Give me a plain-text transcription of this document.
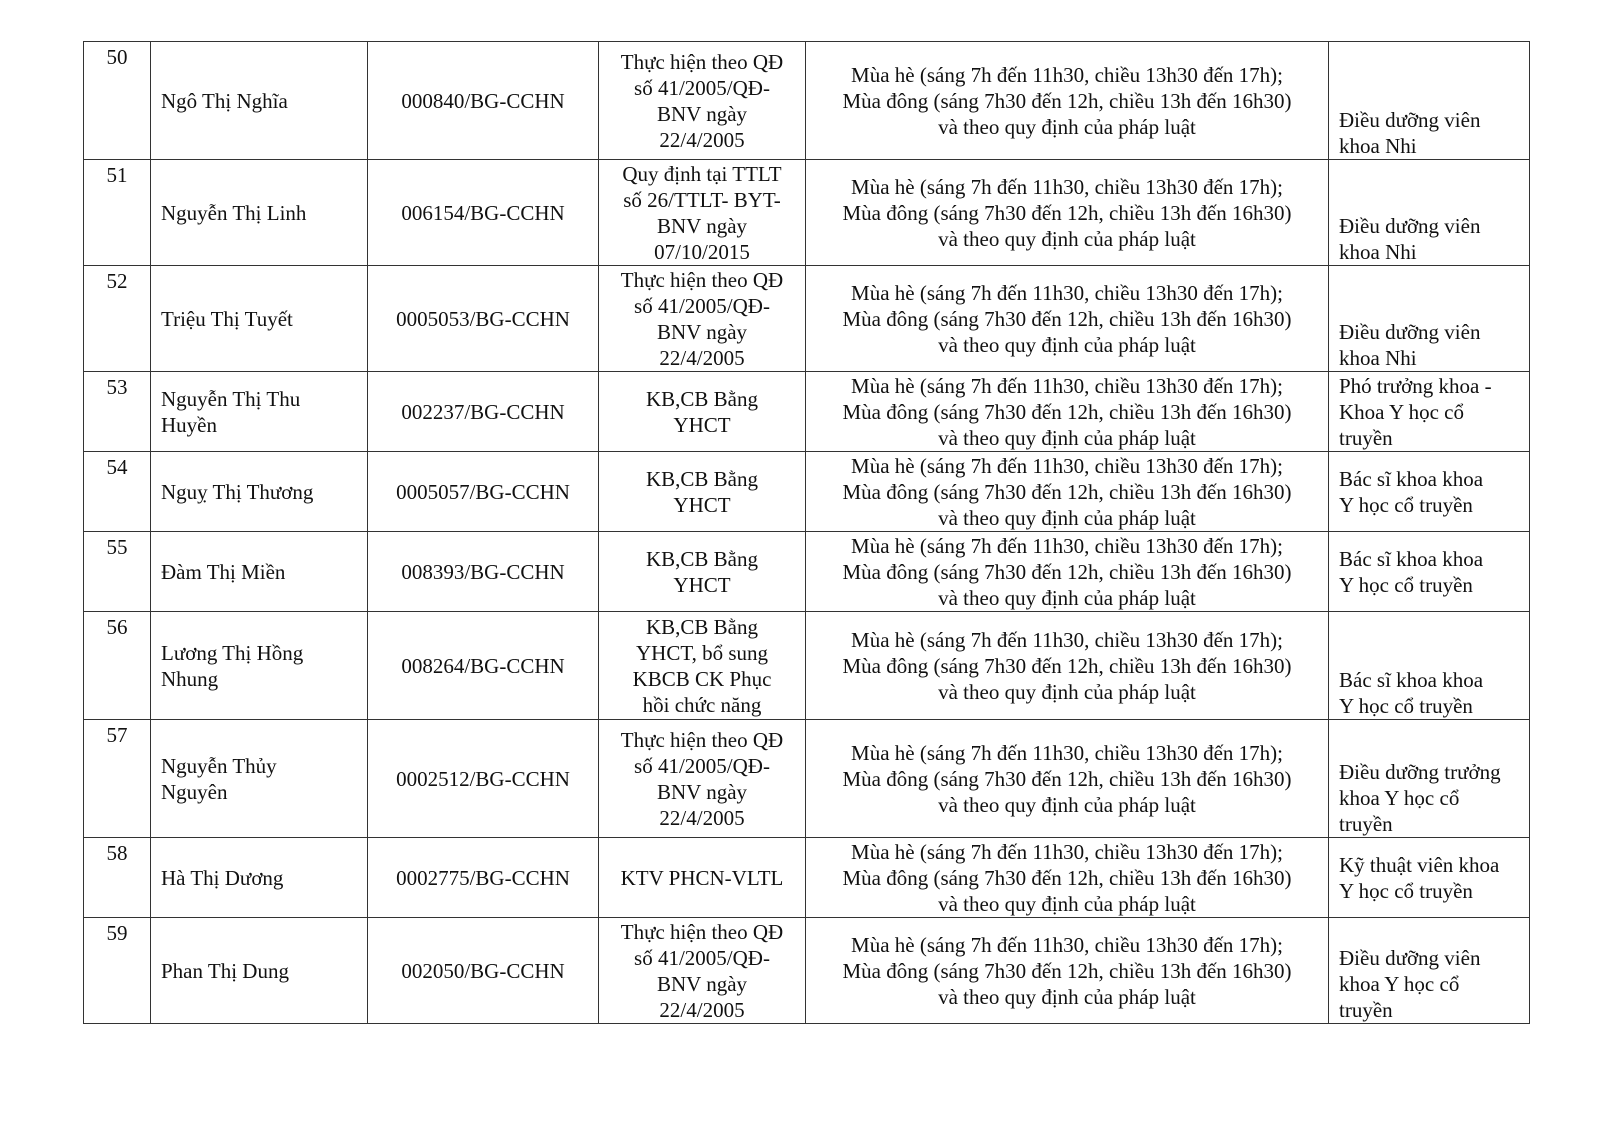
50	Ngô Thị Nghĩa	000840/BG-CCHN	Thực hiện theo QĐ
số 41/2005/QĐ-
BNV ngày
22/4/2005	Mùa hè (sáng 7h đến 11h30, chiều 13h30 đến 17h);
Mùa đông (sáng 7h30 đến 12h, chiều 13h đến 16h30)
và theo quy định của pháp luật	Điều dưỡng viên
khoa Nhi

51	Nguyễn Thị Linh	006154/BG-CCHN	Quy định tại TTLT
số 26/TTLT- BYT-
BNV ngày
07/10/2015	Mùa hè (sáng 7h đến 11h30, chiều 13h30 đến 17h);
Mùa đông (sáng 7h30 đến 12h, chiều 13h đến 16h30)
và theo quy định của pháp luật	Điều dưỡng viên
khoa Nhi

52	Triệu Thị Tuyết	0005053/BG-CCHN	Thực hiện theo QĐ
số 41/2005/QĐ-
BNV ngày
22/4/2005	Mùa hè (sáng 7h đến 11h30, chiều 13h30 đến 17h);
Mùa đông (sáng 7h30 đến 12h, chiều 13h đến 16h30)
và theo quy định của pháp luật	Điều dưỡng viên
khoa Nhi

53	Nguyễn Thị Thu
Huyền	002237/BG-CCHN	KB,CB Bằng
YHCT	Mùa hè (sáng 7h đến 11h30, chiều 13h30 đến 17h);
Mùa đông (sáng 7h30 đến 12h, chiều 13h đến 16h30)
và theo quy định của pháp luật	Phó trưởng khoa -
Khoa Y học cổ
truyền

54	Nguỵ Thị Thương	0005057/BG-CCHN	KB,CB Bằng
YHCT	Mùa hè (sáng 7h đến 11h30, chiều 13h30 đến 17h);
Mùa đông (sáng 7h30 đến 12h, chiều 13h đến 16h30)
và theo quy định của pháp luật	Bác sĩ khoa khoa
Y học cổ truyền

55	Đàm Thị Miền	008393/BG-CCHN	KB,CB Bằng
YHCT	Mùa hè (sáng 7h đến 11h30, chiều 13h30 đến 17h);
Mùa đông (sáng 7h30 đến 12h, chiều 13h đến 16h30)
và theo quy định của pháp luật	Bác sĩ khoa khoa
Y học cổ truyền

56	Lương Thị Hồng
Nhung	008264/BG-CCHN	KB,CB Bằng
YHCT, bổ sung
KBCB CK Phục
hồi chức năng	Mùa hè (sáng 7h đến 11h30, chiều 13h30 đến 17h);
Mùa đông (sáng 7h30 đến 12h, chiều 13h đến 16h30)
và theo quy định của pháp luật	Bác sĩ khoa khoa
Y học cổ truyền

57	Nguyễn Thủy
Nguyên	0002512/BG-CCHN	Thực hiện theo QĐ
số 41/2005/QĐ-
BNV ngày
22/4/2005	Mùa hè (sáng 7h đến 11h30, chiều 13h30 đến 17h);
Mùa đông (sáng 7h30 đến 12h, chiều 13h đến 16h30)
và theo quy định của pháp luật	Điều dưỡng trưởng
khoa Y học cổ
truyền

58	Hà Thị Dương	0002775/BG-CCHN	KTV PHCN-VLTL	Mùa hè (sáng 7h đến 11h30, chiều 13h30 đến 17h);
Mùa đông (sáng 7h30 đến 12h, chiều 13h đến 16h30)
và theo quy định của pháp luật	Kỹ thuật viên khoa
Y học cổ truyền

59	Phan Thị Dung	002050/BG-CCHN	Thực hiện theo QĐ
số 41/2005/QĐ-
BNV ngày
22/4/2005	Mùa hè (sáng 7h đến 11h30, chiều 13h30 đến 17h);
Mùa đông (sáng 7h30 đến 12h, chiều 13h đến 16h30)
và theo quy định của pháp luật	Điều dưỡng viên
khoa Y học cổ
truyền
